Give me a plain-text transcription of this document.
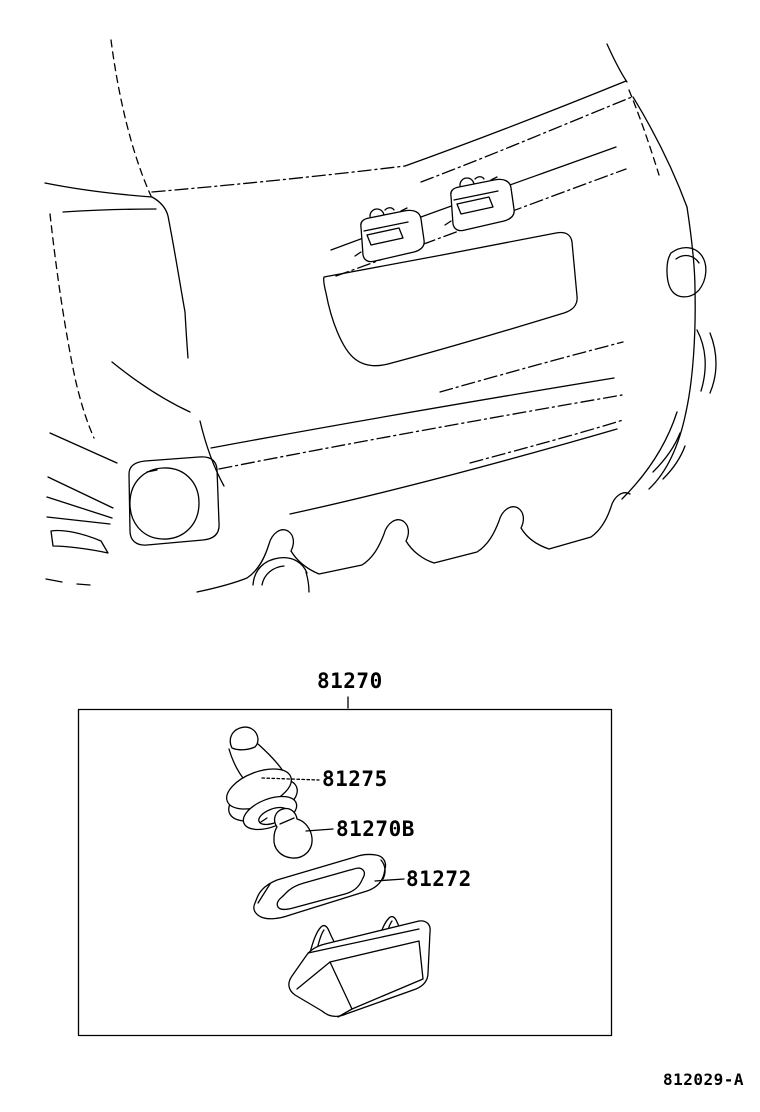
81270
81275
81270B
81272
812029-A
